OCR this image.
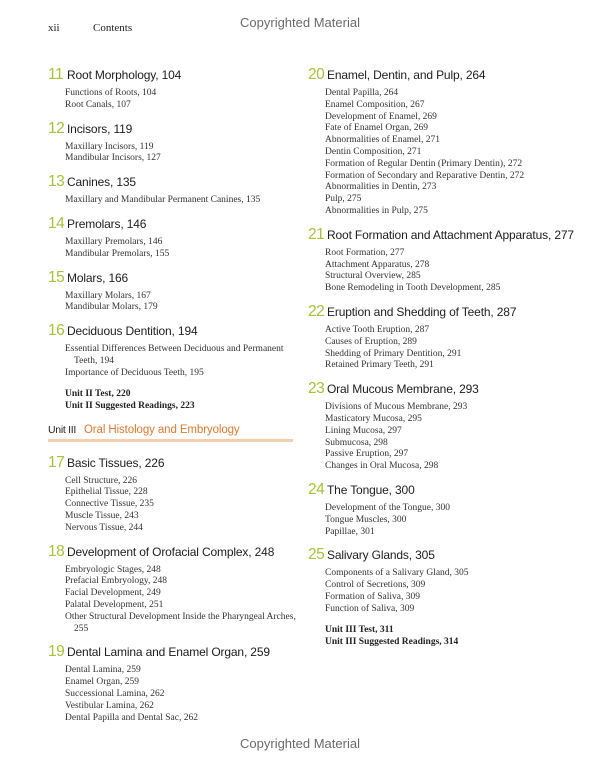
Copyrighted Material
xii	Contents
11 Root Morphology, 104
Functions of Roots, 104
Root Canals, 107
12 Incisors, 119
Maxillary Incisors, 119
Mandibular Incisors, 127
13 Canines, 135
Maxillary and Mandibular Permanent Canines, 135
14 Premolars, 146
Maxillary Premolars, 146
Mandibular Premolars, 155
15 Molars, 166
Maxillary Molars, 167
Mandibular Molars, 179
16 Deciduous Dentition, 194
Essential Differences Between Deciduous and Permanent Teeth, 194
Importance of Deciduous Teeth, 195
Unit II Test, 220
Unit II Suggested Readings, 223
Unit III Oral Histology and Embryology
17 Basic Tissues, 226
Cell Structure, 226
Epithelial Tissue, 228
Connective Tissue, 235
Muscle Tissue, 243
Nervous Tissue, 244
18 Development of Orofacial Complex, 248
Embryologic Stages, 248
Prefacial Embryology, 248
Facial Development, 249
Palatal Development, 251
Other Structural Development Inside the Pharyngeal Arches, 255
19 Dental Lamina and Enamel Organ, 259
Dental Lamina, 259
Enamel Organ, 259
Successional Lamina, 262
Vestibular Lamina, 262
Dental Papilla and Dental Sac, 262
20 Enamel, Dentin, and Pulp, 264
Dental Papilla, 264
Enamel Composition, 267
Development of Enamel, 269
Fate of Enamel Organ, 269
Abnormalities of Enamel, 271
Dentin Composition, 271
Formation of Regular Dentin (Primary Dentin), 272
Formation of Secondary and Reparative Dentin, 272
Abnormalities in Dentin, 273
Pulp, 275
Abnormalities in Pulp, 275
21 Root Formation and Attachment Apparatus, 277
Root Formation, 277
Attachment Apparatus, 278
Structural Overview, 285
Bone Remodeling in Tooth Development, 285
22 Eruption and Shedding of Teeth, 287
Active Tooth Eruption, 287
Causes of Eruption, 289
Shedding of Primary Dentition, 291
Retained Primary Teeth, 291
23 Oral Mucous Membrane, 293
Divisions of Mucous Membrane, 293
Masticatory Mucosa, 295
Lining Mucosa, 297
Submucosa, 298
Passive Eruption, 297
Changes in Oral Mucosa, 298
24 The Tongue, 300
Development of the Tongue, 300
Tongue Muscles, 300
Papillae, 301
25 Salivary Glands, 305
Components of a Salivary Gland, 305
Control of Secretions, 309
Formation of Saliva, 309
Function of Saliva, 309
Unit III Test, 311
Unit III Suggested Readings, 314
Copyrighted Material
